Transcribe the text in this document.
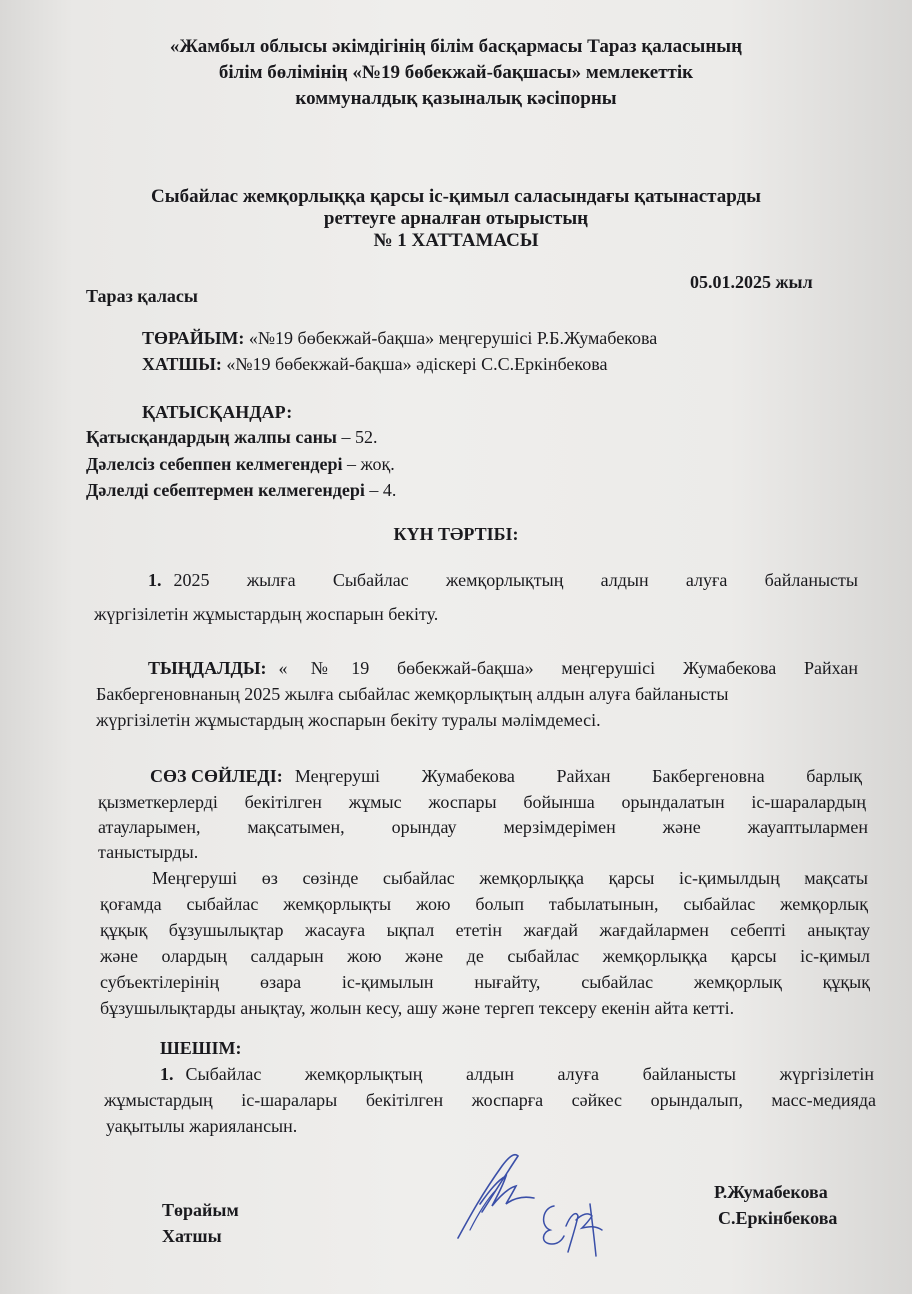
«Жамбыл облысы әкімдігінің білім басқармасы Тараз қаласының
білім бөлімінің «№19 бөбекжай-бақшасы» мемлекеттік
коммуналдық қазыналық кәсіпорны
Сыбайлас жемқорлыққа қарсы іс-қимыл саласындағы қатынастарды
реттеуге арналған отырыстың
№ 1 ХАТТАМАСЫ
05.01.2025 жыл
Тараз қаласы
ТӨРАЙЫМ: «№19 бөбекжай-бақша» меңгерушісі Р.Б.Жумабекова
ХАТШЫ: «№19 бөбекжай-бақша» әдіскері С.С.Еркінбекова
ҚАТЫСҚАНДАР:
Қатысқандардың жалпы саны – 52.
Дәлелсіз себеппен келмегендері – жоқ.
Дәлелді себептермен келмегендері – 4.
КҮН ТӘРТІБІ:
1. 2025 жылға Сыбайлас жемқорлықтың алдын алуға байланысты
жүргізілетін жұмыстардың жоспарын бекіту.
ТЫҢДАЛДЫ: «№19 бөбекжай-бақша» меңгерушісі Жумабекова Райхан
Бакбергеновнаның 2025 жылға сыбайлас жемқорлықтың алдын алуға байланысты
жүргізілетін жұмыстардың жоспарын бекіту туралы мәлімдемесі.
СӨЗ СӨЙЛЕДІ: Меңгеруші Жумабекова Райхан Бакбергеновна барлық
қызметкерлерді бекітілген жұмыс жоспары бойынша орындалатын іс-шаралардың
атауларымен, мақсатымен, орындау мерзімдерімен және жауаптылармен
таныстырды.
Меңгеруші өз сөзінде сыбайлас жемқорлыққа қарсы іс-қимылдың мақсаты
қоғамда сыбайлас жемқорлықты жою болып табылатынын, сыбайлас жемқорлық
құқық бұзушылықтар жасауға ықпал ететін жағдай жағдайлармен себепті анықтау
және олардың салдарын жою және де сыбайлас жемқорлыққа қарсы іс-қимыл
субъектілерінің өзара іс-қимылын нығайту, сыбайлас жемқорлық құқық
бұзушылықтарды анықтау, жолын кесу, ашу және тергеп тексеру екенін айта кетті.
ШЕШІМ:
1. Сыбайлас жемқорлықтың алдын алуға байланысты жүргізілетін
жұмыстардың іс-шаралары бекітілген жоспарға сәйкес орындалып, масс-медияда
уақытылы жариялансын.
Төрайым
Хатшы
Р.Жумабекова
С.Еркінбекова
